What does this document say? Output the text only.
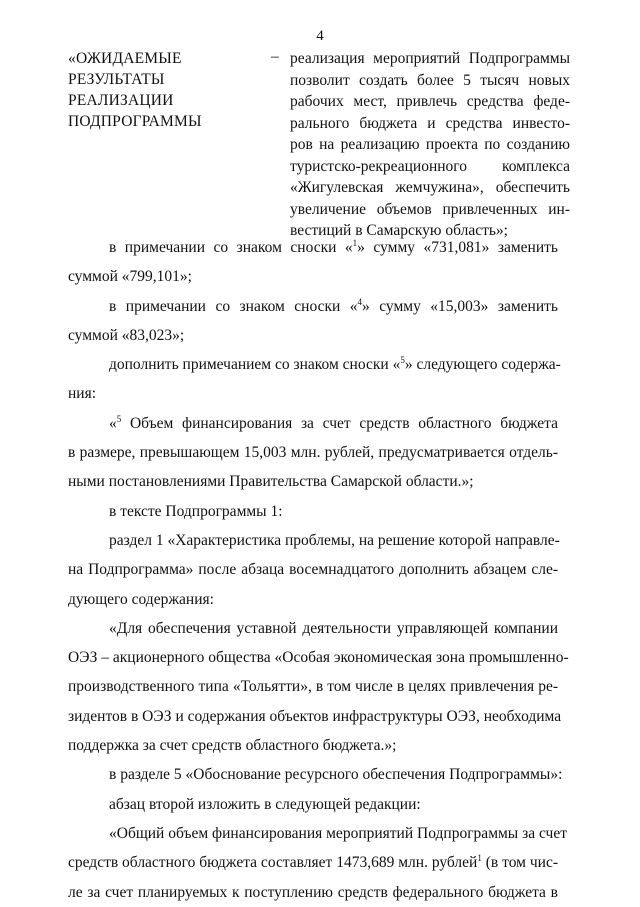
4
«ОЖИДАЕМЫЕ
РЕЗУЛЬТАТЫ
РЕАЛИЗАЦИИ
ПОДПРОГРАММЫ
– реализация мероприятий Подпрограммы
позволит создать более 5 тысяч новых
рабочих мест, привлечь средства феде-
рального бюджета и средства инвесто-
ров на реализацию проекта по созданию
туристско-рекреационного комплекса
«Жигулевская жемчужина», обеспечить
увеличение объемов привлеченных ин-
вестиций в Самарскую область»;
в примечании со знаком сноски «$^1$» сумму «731,081» заменить
суммой «799,101»;
в примечании со знаком сноски «$^4$» сумму «15,003» заменить
суммой «83,023»;
дополнить примечанием со знаком сноски «$^5$» следующего содержа-
ния:
«$^5$ Объем финансирования за счет средств областного бюджета
в размере, превышающем 15,003 млн. рублей, предусматривается отдель-
ными постановлениями Правительства Самарской области.»;
в тексте Подпрограммы 1:
раздел 1 «Характеристика проблемы, на решение которой направле-
на Подпрограмма» после абзаца восемнадцатого дополнить абзацем сле-
дующего содержания:
«Для обеспечения уставной деятельности управляющей компании
ОЭЗ – акционерного общества «Особая экономическая зона промышленно-
производственного типа «Тольятти», в том числе в целях привлечения ре-
зидентов в ОЭЗ и содержания объектов инфраструктуры ОЭЗ, необходима
поддержка за счет средств областного бюджета.»;
в разделе 5 «Обоснование ресурсного обеспечения Подпрограммы»:
абзац второй изложить в следующей редакции:
«Общий объем финансирования мероприятий Подпрограммы за счет
средств областного бюджета составляет 1473,689 млн. рублей$^1$ (в том чис-
ле за счет планируемых к поступлению средств федерального бюджета в
